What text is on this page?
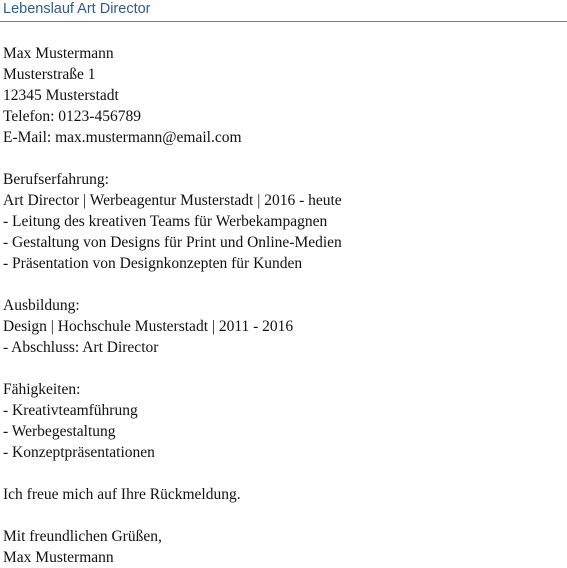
Lebenslauf Art Director
Max Mustermann
Musterstraße 1
12345 Musterstadt
Telefon: 0123-456789
E-Mail: max.mustermann@email.com
Berufserfahrung:
Art Director | Werbeagentur Musterstadt | 2016 - heute
- Leitung des kreativen Teams für Werbekampagnen
- Gestaltung von Designs für Print und Online-Medien
- Präsentation von Designkonzepten für Kunden
Ausbildung:
Design | Hochschule Musterstadt | 2011 - 2016
- Abschluss: Art Director
Fähigkeiten:
- Kreativteamführung
- Werbegestaltung
- Konzeptpräsentationen
Ich freue mich auf Ihre Rückmeldung.
Mit freundlichen Grüßen,
Max Mustermann
